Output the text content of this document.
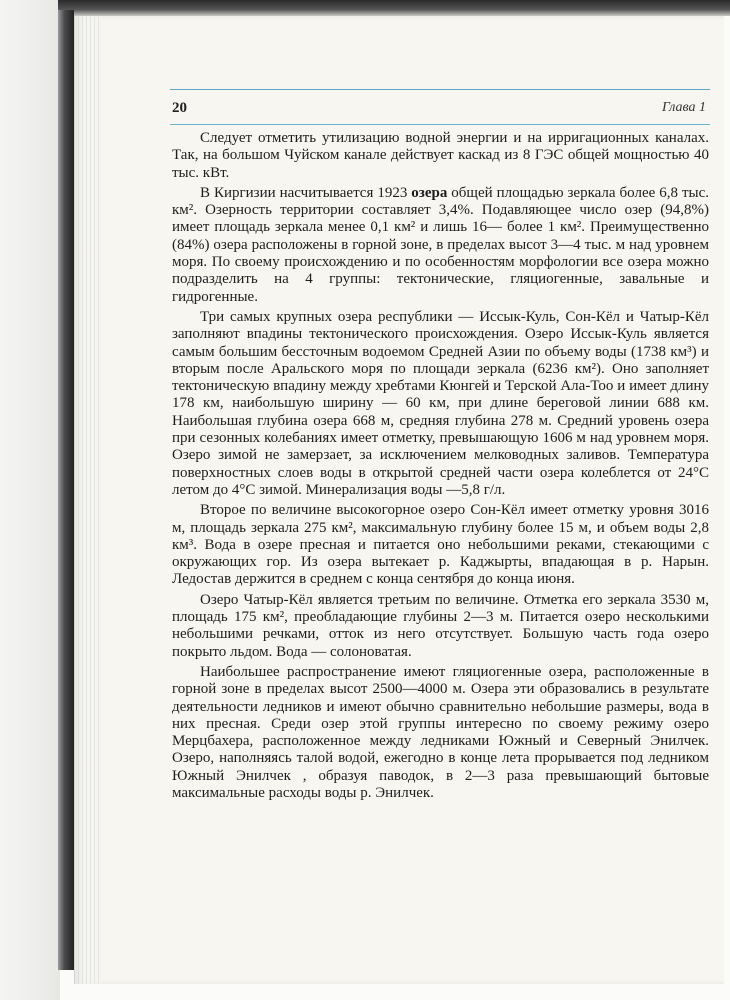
20	Глава 1

Следует отметить утилизацию водной энергии и на ирригационных каналах. Так, на большом Чуйском канале действует каскад из 8 ГЭС общей мощностью 40 тыс. кВт.

В Киргизии насчитывается 1923 озера общей площадью зеркала более 6,8 тыс. км². Озерность территории составляет 3,4%. Подавляющее число озер (94,8%) имеет площадь зеркала менее 0,1 км² и лишь 16— более 1 км². Преимущественно (84%) озера расположены в горной зоне, в пределах высот 3—4 тыс. м над уровнем моря. По своему происхождению и по особенностям морфологии все озера можно подразделить на 4 группы: тектонические, гляциогенные, завальные и гидрогенные.

Три самых крупных озера республики — Иссык-Куль, Сон-Кёл и Чатыр-Кёл заполняют впадины тектонического происхождения. Озеро Иссык-Куль является самым большим бессточным водоемом Средней Азии по объему воды (1738 км³) и вторым после Аральского моря по площади зеркала (6236 км²). Оно заполняет тектоническую впадину между хребтами Кюнгей и Терской Ала-Тоо и имеет длину 178 км, наибольшую ширину — 60 км, при длине береговой линии 688 км. Наибольшая глубина озера 668 м, средняя глубина 278 м. Средний уровень озера при сезонных колебаниях имеет отметку, превышающую 1606 м над уровнем моря. Озеро зимой не замерзает, за исключением мелководных заливов. Температура поверхностных слоев воды в открытой средней части озера колеблется от 24°С летом до 4°С зимой. Минерализация воды —5,8 г/л.

Второе по величине высокогорное озеро Сон-Кёл имеет отметку уровня 3016 м, площадь зеркала 275 км², максимальную глубину более 15 м, и объем воды 2,8 км³. Вода в озере пресная и питается оно небольшими реками, стекающими с окружающих гор. Из озера вытекает р. Каджырты, впадающая в р. Нарын. Ледостав держится в среднем с конца сентября до конца июня.

Озеро Чатыр-Кёл является третьим по величине. Отметка его зеркала 3530 м, площадь 175 км², преобладающие глубины 2—3 м. Питается озеро несколькими небольшими речками, отток из него отсутствует. Большую часть года озеро покрыто льдом. Вода — солоноватая.

Наибольшее распространение имеют гляциогенные озера, расположенные в горной зоне в пределах высот 2500—4000 м. Озера эти образовались в результате деятельности ледников и имеют обычно сравнительно небольшие размеры, вода в них пресная. Среди озер этой группы интересно по своему режиму озеро Мерцбахера, расположенное между ледниками Южный и Северный Энилчек. Озеро, наполняясь талой водой, ежегодно в конце лета прорывается под ледником Южный Энилчек , образуя паводок, в 2—3 раза превышающий бытовые максимальные расходы воды р. Энилчек.
